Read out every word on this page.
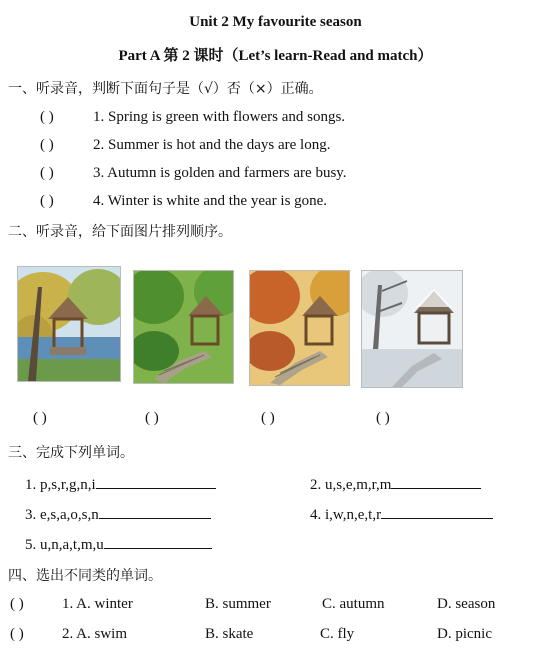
Unit 2 My favourite season
Part A 第 2 课时（Let’s learn-Read and match）
一、听录音，判断下面句子是（√）否（×）正确。
( )	1. Spring is green with flowers and songs.
( )	2. Summer is hot and the days are long.
( )	3. Autumn is golden and farmers are busy.
( )	4. Winter is white and the year is gone.
二、听录音，给下面图片排列顺序。
( )	( )	( )	( )
三、完成下列单词。
1. p,s,r,g,n,i	2. u,s,e,m,r,m
3. e,s,a,o,s,n	4. i,w,n,e,t,r
5. u,n,a,t,m,u
四、选出不同类的单词。
( )	1. A. winter	B. summer	C. autumn	D. season
( )	2. A. swim	B. skate	C. fly	D. picnic
